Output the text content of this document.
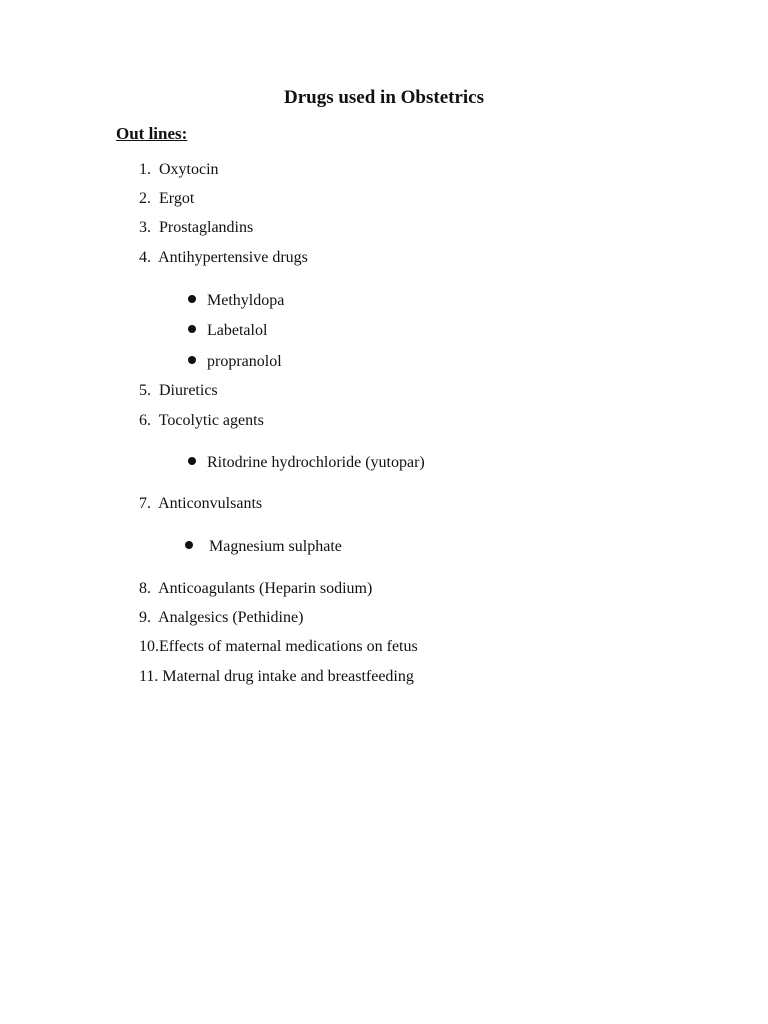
Drugs used in Obstetrics
Out lines:
1. Oxytocin
2. Ergot
3. Prostaglandins
4. Antihypertensive drugs
Methyldopa
Labetalol
propranolol
5. Diuretics
6. Tocolytic agents
Ritodrine hydrochloride (yutopar)
7. Anticonvulsants
Magnesium sulphate
8. Anticoagulants (Heparin sodium)
9. Analgesics (Pethidine)
10.Effects of maternal medications on fetus
11. Maternal drug intake and breastfeeding
